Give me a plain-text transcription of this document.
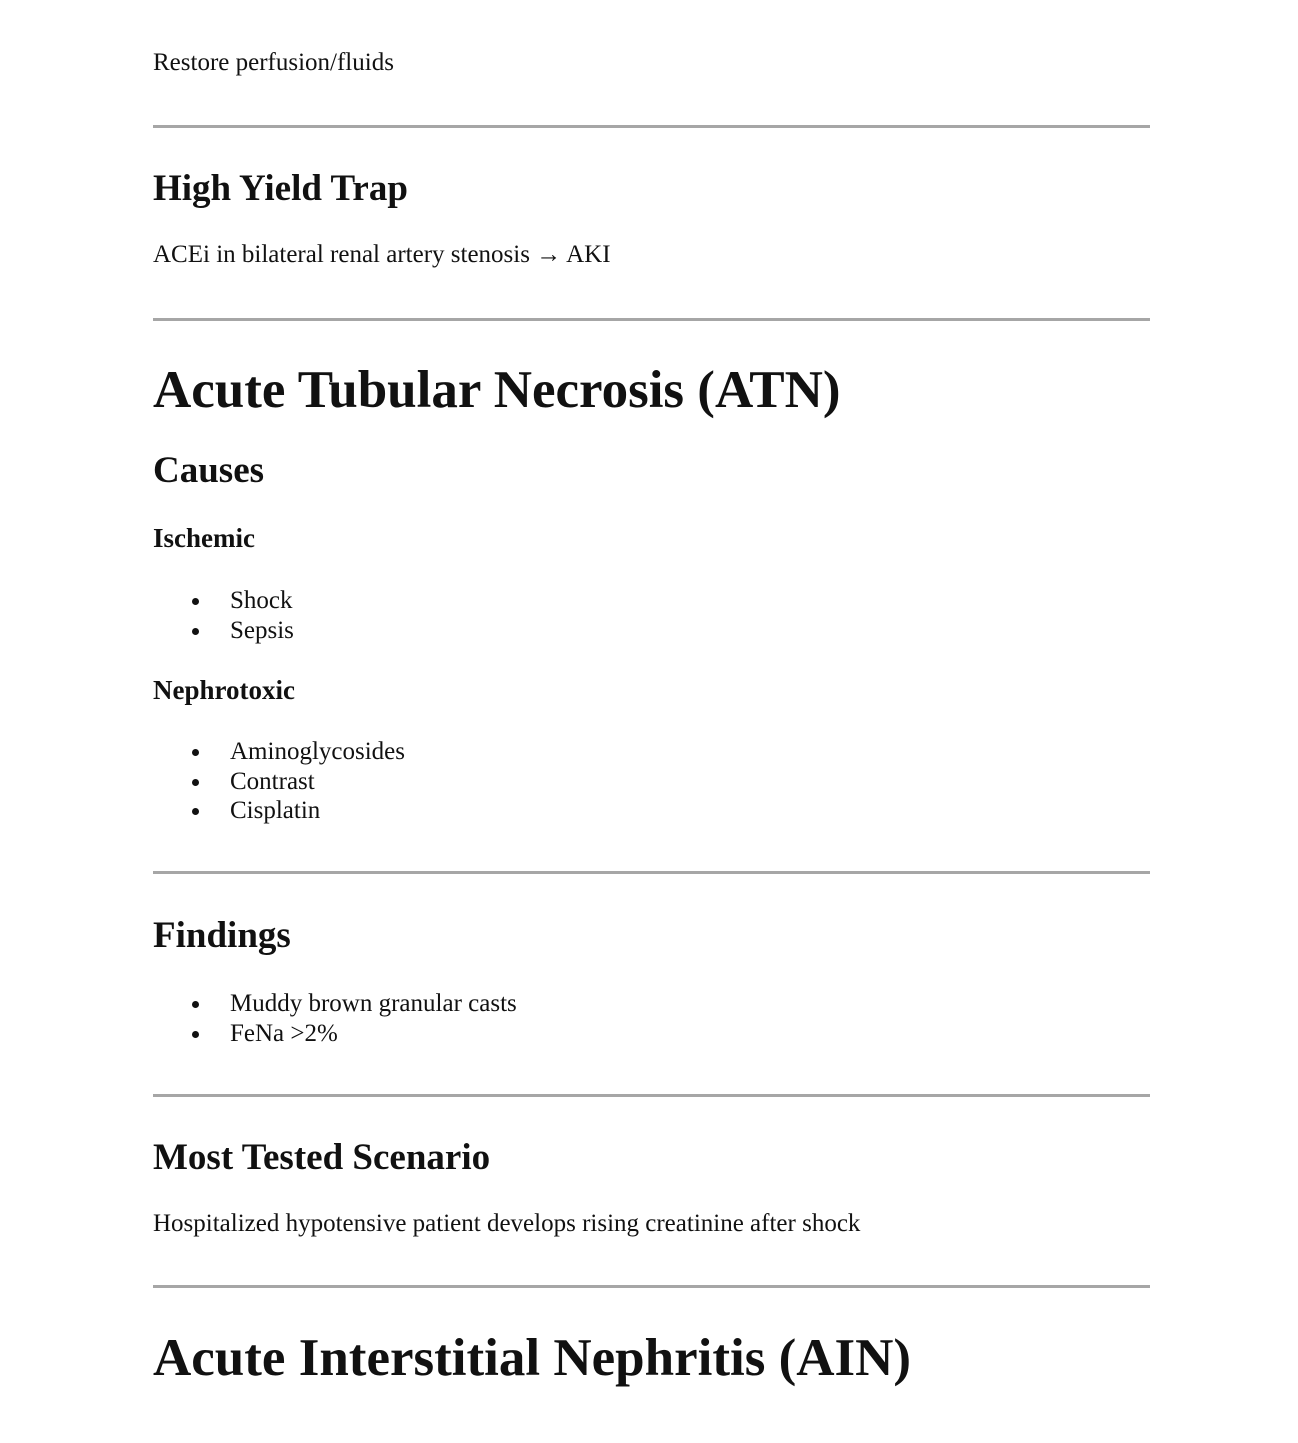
Restore perfusion/fluids

High Yield Trap

ACEi in bilateral renal artery stenosis → AKI

Acute Tubular Necrosis (ATN)
Causes
Ischemic
Shock
Sepsis
Nephrotoxic
Aminoglycosides
Contrast
Cisplatin
Findings
Muddy brown granular casts
FeNa >2%
Most Tested Scenario

Hospitalized hypotensive patient develops rising creatinine after shock

Acute Interstitial Nephritis (AIN)
